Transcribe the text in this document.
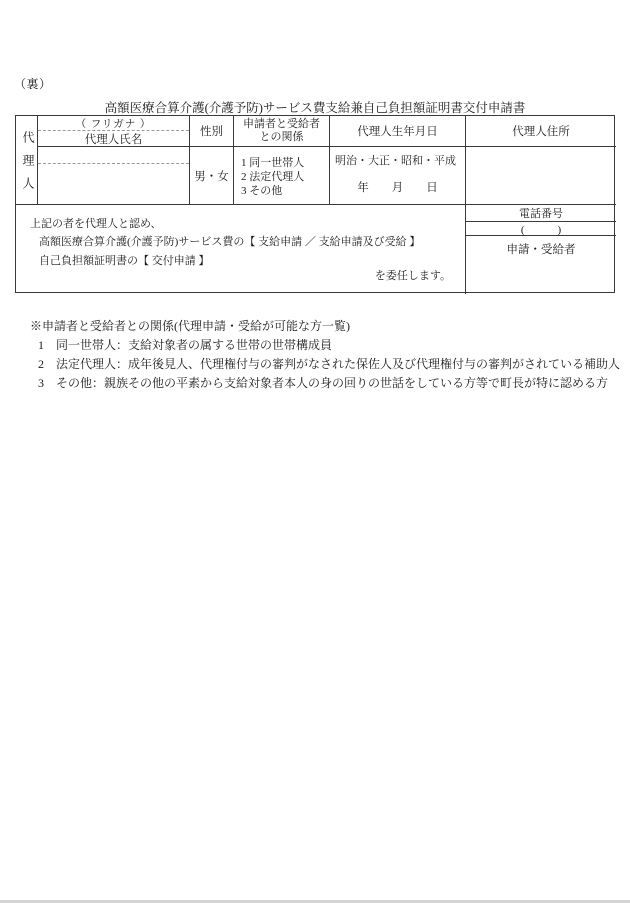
（裏）
高額医療合算介護(介護予防)サービス費支給兼自己負担額証明書交付申請書
代理人
（ フリガナ ）
代理人氏名
性別
申請者と受給者
との関係	代理人生年月日	代理人住所
男・女
1 同一世帯人
2 法定代理人
3 その他
明治・大正・昭和・平成
年　　月　　日
上記の者を代理人と認め、
高額医療合算介護(介護予防)サービス費の【 支給申請 ／ 支給申請及び受給 】
自己負担額証明書の【 交付申請 】
を委任します。
電話番号
(　　　)
申請・受給者
※申請者と受給者との関係(代理申請・受給が可能な方一覧)
1　同一世帯人：支給対象者の属する世帯の世帯構成員
2　法定代理人：成年後見人、代理権付与の審判がなされた保佐人及び代理権付与の審判がされている補助人
3　その他：親族その他の平素から支給対象者本人の身の回りの世話をしている方等で町長が特に認める方
